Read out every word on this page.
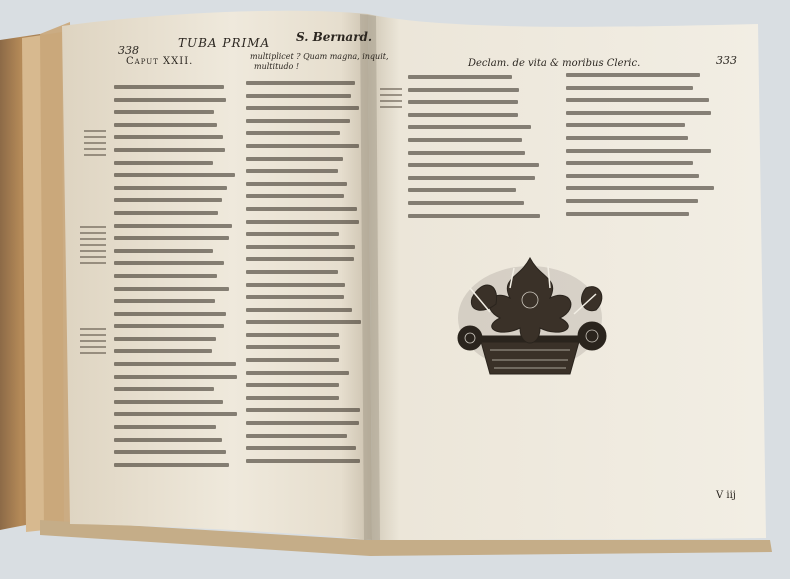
338
TUBA PRIMA S. Bernard.
Caput XXII.	multiplicet ? Quam magna, inquit,
multitudo !	Declam. de vita & moribus Cleric.	333
V iij
